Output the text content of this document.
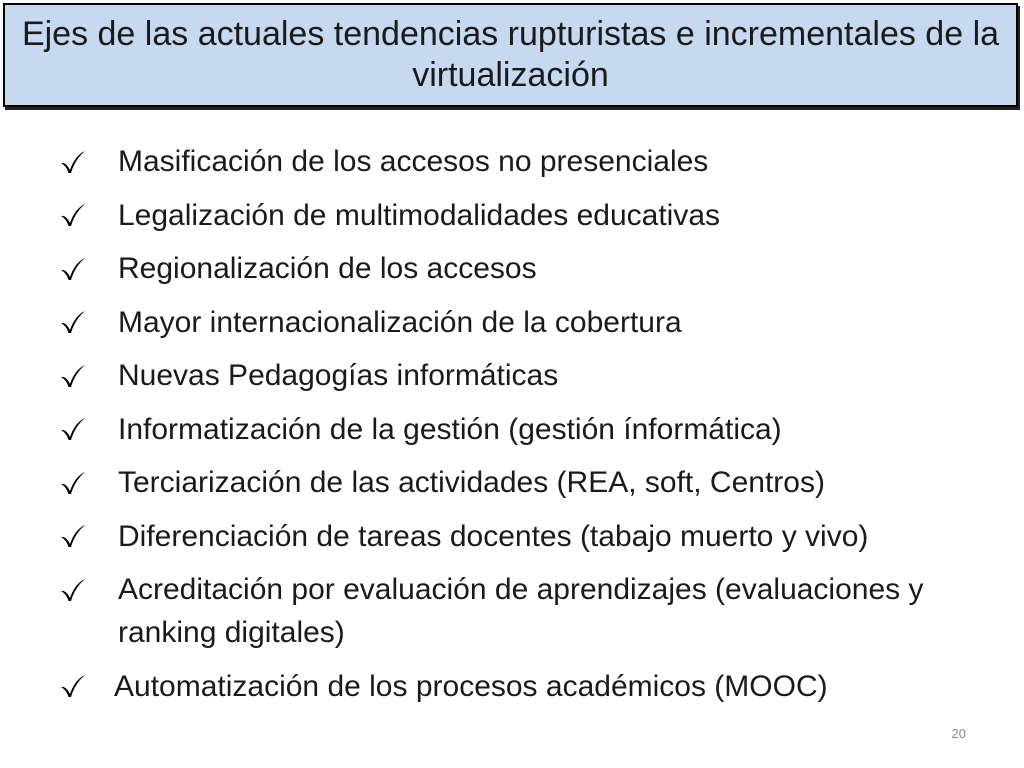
Ejes de las actuales tendencias rupturistas e incrementales de la virtualización
Masificación de los accesos no presenciales
Legalización de multimodalidades educativas
Regionalización de los accesos
Mayor internacionalización de la cobertura
Nuevas Pedagogías informáticas
Informatización de la gestión (gestión ínformática)
Terciarización de las actividades (REA, soft, Centros)
Diferenciación de tareas docentes (tabajo muerto y vivo)
Acreditación por evaluación de aprendizajes (evaluaciones y ranking digitales)
Automatización de los procesos académicos (MOOC)
20
